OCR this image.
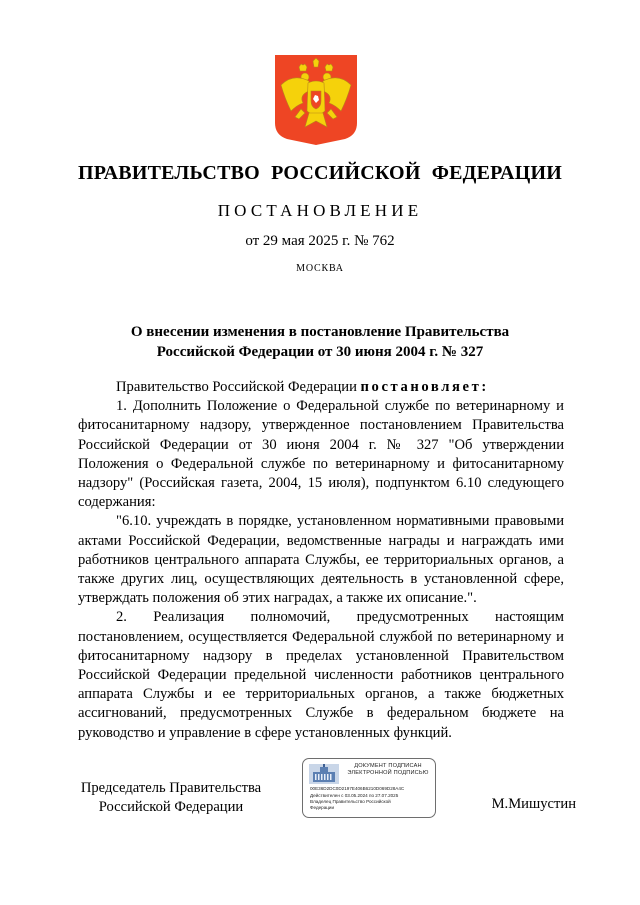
ПРАВИТЕЛЬСТВО РОССИЙСКОЙ ФЕДЕРАЦИИ
ПОСТАНОВЛЕНИЕ
от 29 мая 2025 г. № 762
МОСКВА
О внесении изменения в постановление Правительства
Российской Федерации от 30 июня 2004 г. № 327

Правительство Российской Федерации постановляет:

1. Дополнить Положение о Федеральной службе по ветеринарному и фитосанитарному надзору, утвержденное постановлением Правительства Российской Федерации от 30 июня 2004 г. № 327 "Об утверждении Положения о Федеральной службе по ветеринарному и фитосанитарному надзору" (Российская газета, 2004, 15 июля), подпунктом 6.10 следующего содержания:

"6.10. учреждать в порядке, установленном нормативными правовыми актами Российской Федерации, ведомственные награды и награждать ими работников центрального аппарата Службы, ее территориальных органов, а также других лиц, осуществляющих деятельность в установленной сфере, утверждать положения об этих наградах, а также их описание.".

2. Реализация полномочий, предусмотренных настоящим постановлением, осуществляется Федеральной службой по ветеринарному и фитосанитарному надзору в пределах установленной Правительством Российской Федерации предельной численности работников центрального аппарата Службы и ее территориальных органов, а также бюджетных ассигнований, предусмотренных Службе в федеральном бюджете на руководство и управление в сфере установленных функций.

Председатель Правительства
Российской Федерации
ДОКУМЕНТ ПОДПИСАН
ЭЛЕКТРОННОЙ ПОДПИСЬЮ
00E36D2DC0D2197E406B6210D069D28A4C
Действителен с 03.05.2024 по 27.07.2025
Владелец Правительство Российской
Федерации	М.Мишустин
